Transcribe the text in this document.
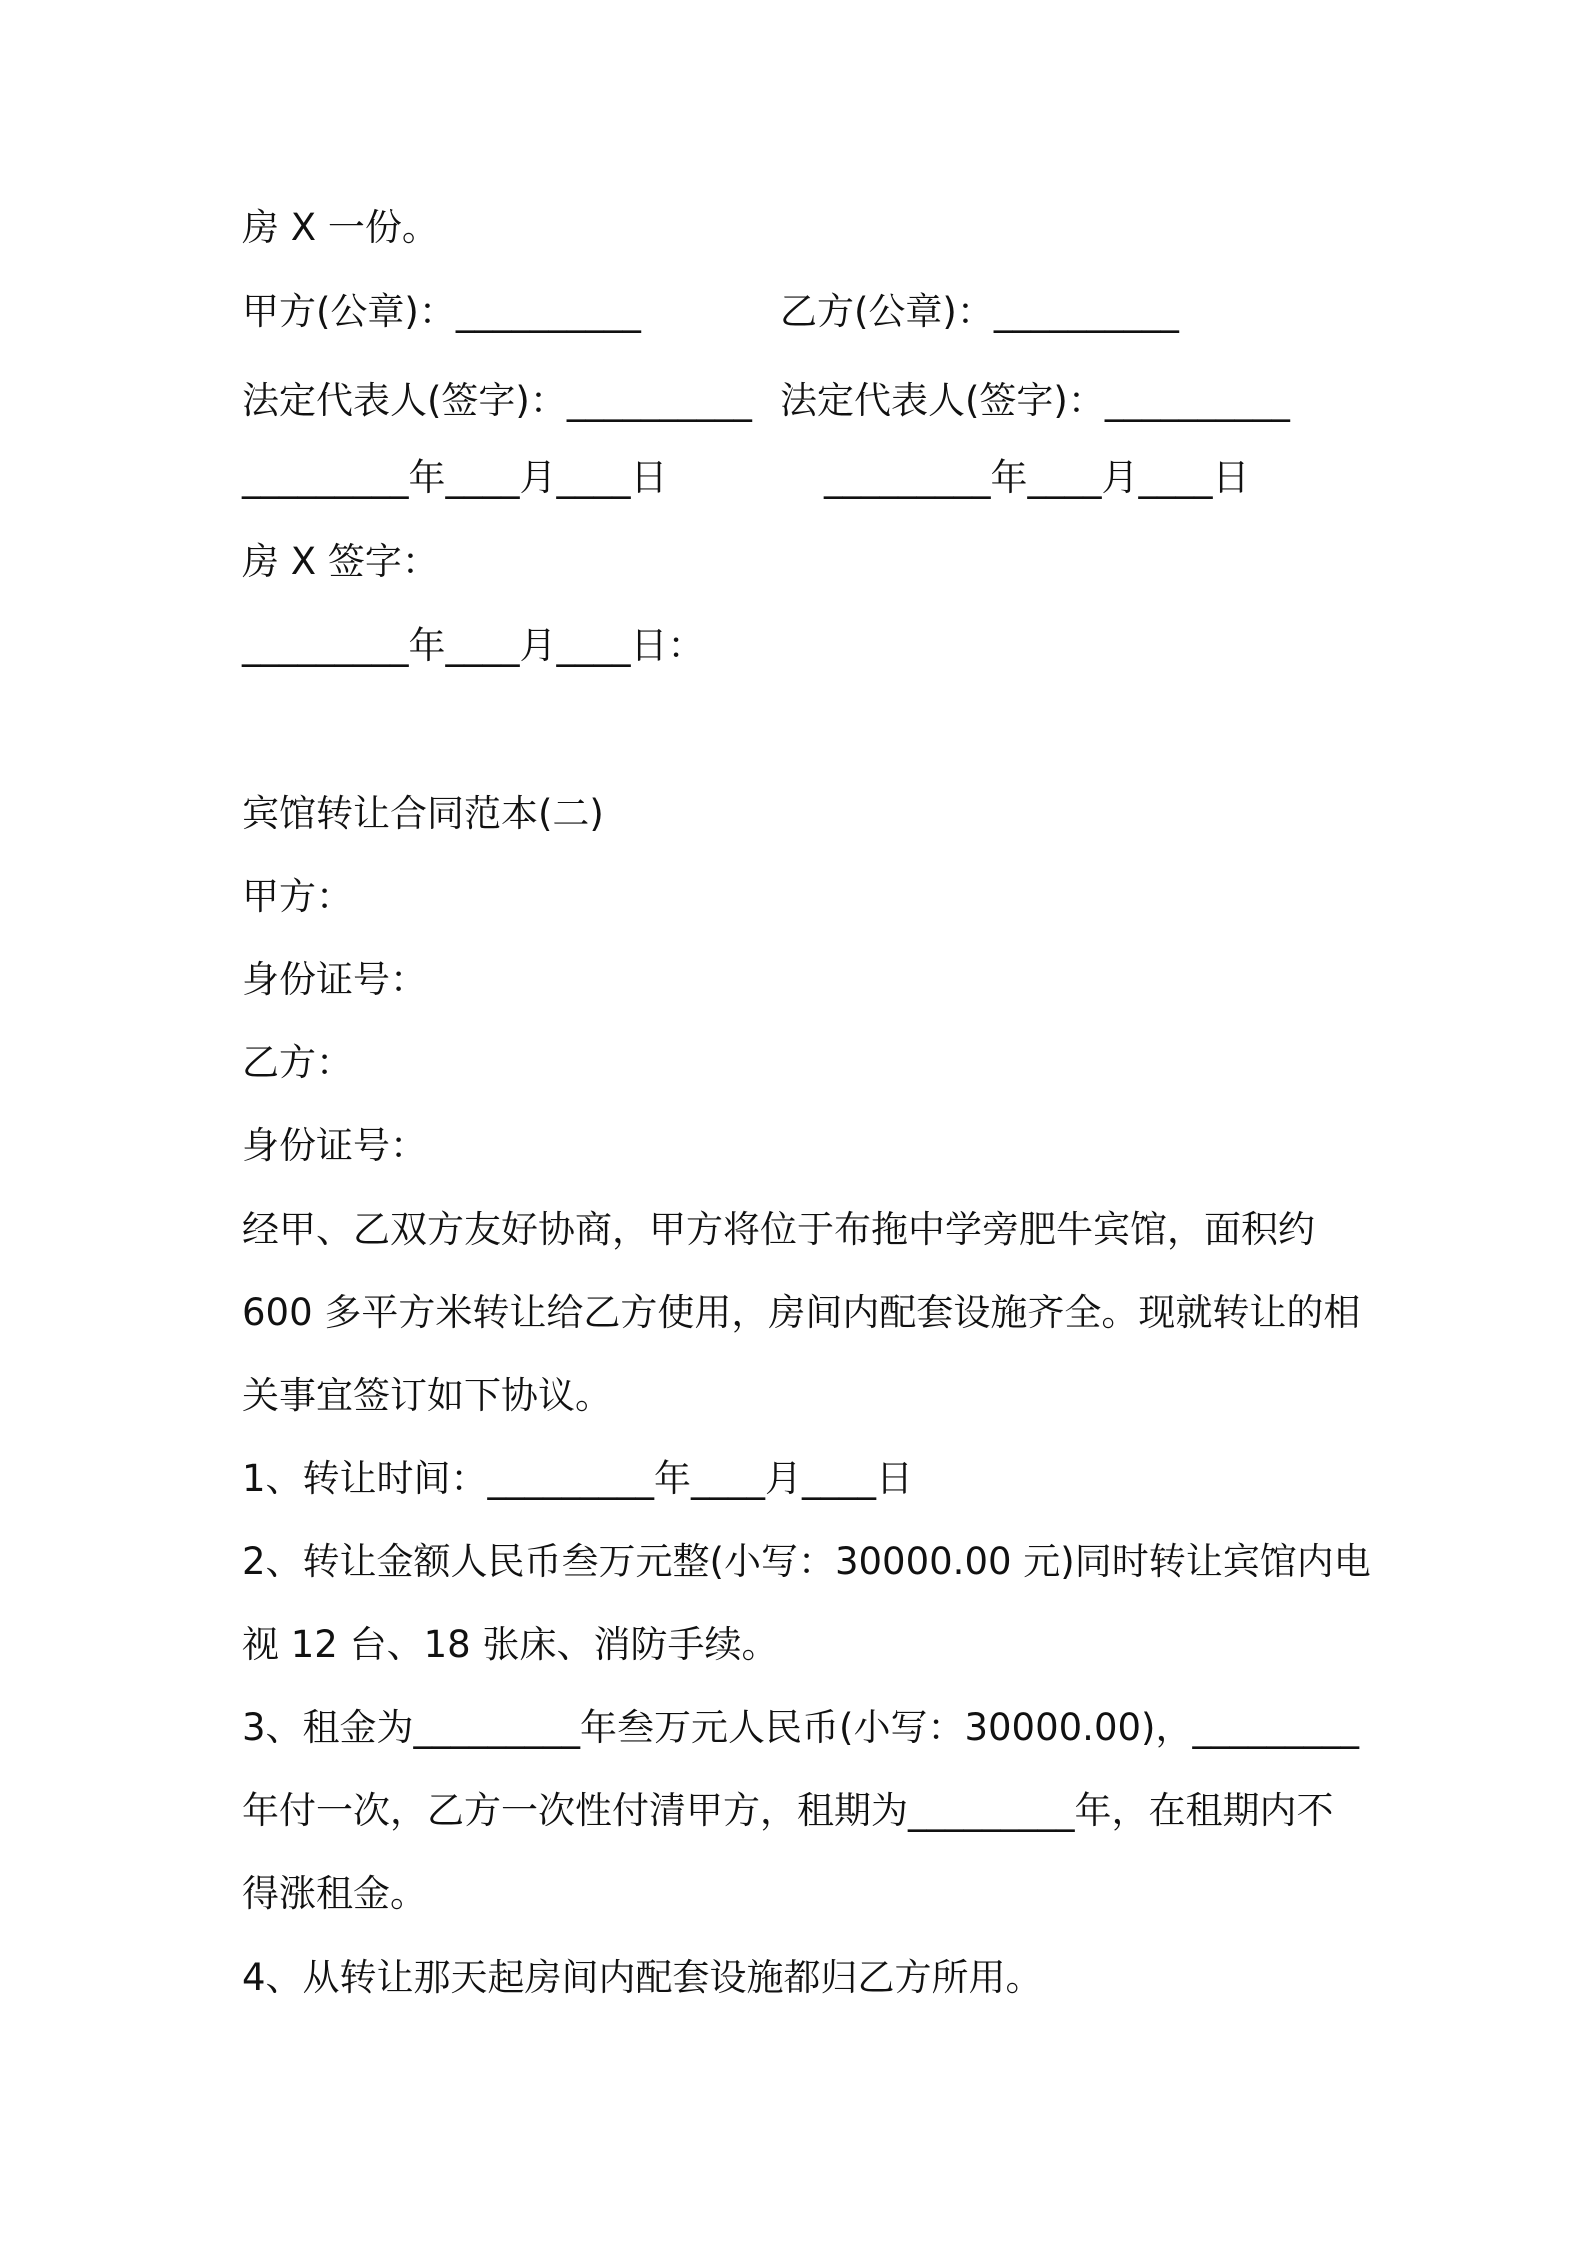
房 X 一份。
甲方(公章)：__________	乙方(公章)：__________
法定代表人(签字)：__________ 法定代表人(签字)：__________
_________年____月____日	_________年____月____日
房 X 签字：
_________年____月____日：
宾馆转让合同范本(二)
甲方：
身份证号：
乙方：
身份证号：
经甲、乙双方友好协商，甲方将位于布拖中学旁肥牛宾馆，面积约
600 多平方米转让给乙方使用，房间内配套设施齐全。现就转让的相
关事宜签订如下协议。
1、转让时间：_________年____月____日
2、转让金额人民币叁万元整(小写：30000.00 元)同时转让宾馆内电
视 12 台、18 张床、消防手续。
3、租金为_________年叁万元人民币(小写：30000.00)，_________
年付一次，乙方一次性付清甲方，租期为_________年，在租期内不
得涨租金。
4、从转让那天起房间内配套设施都归乙方所用。
